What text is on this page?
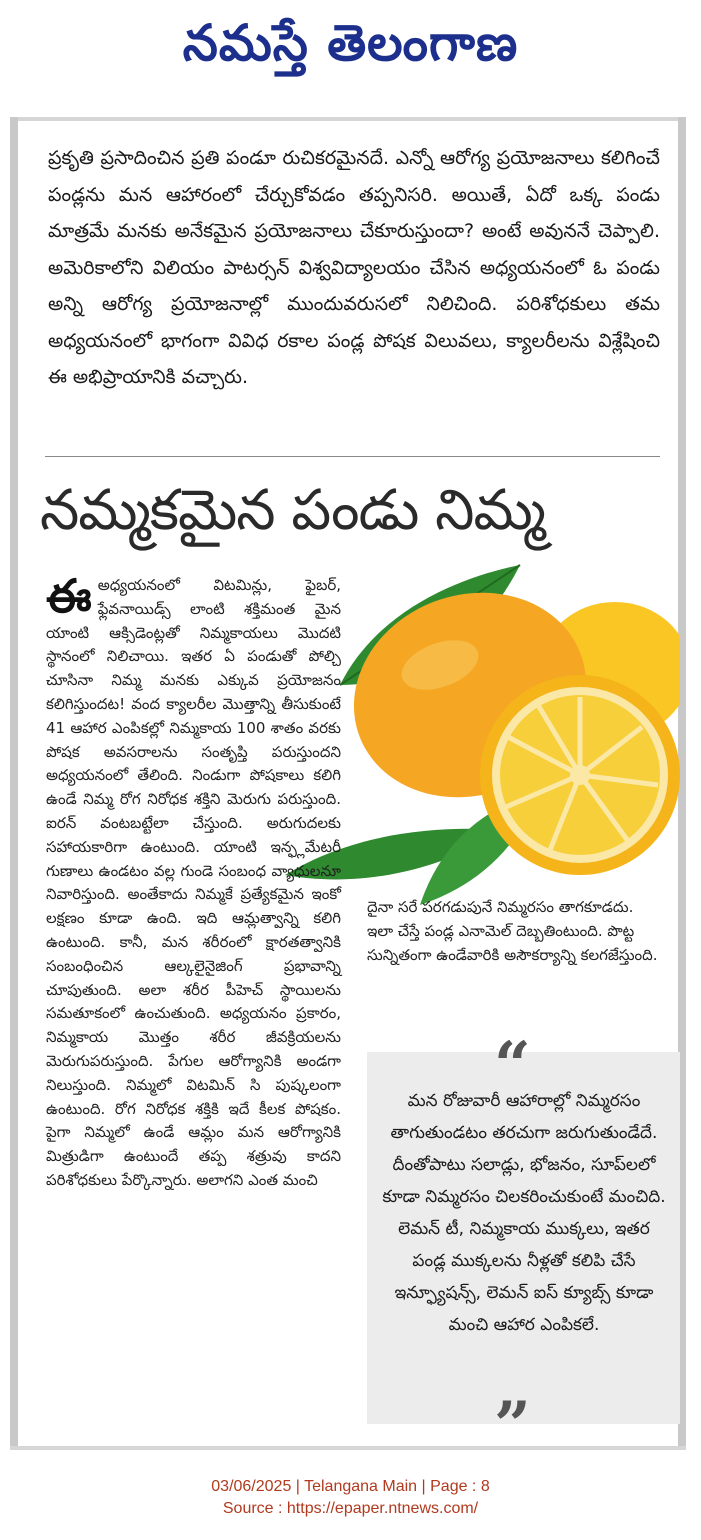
నమస్తే తెలంగాణ
ప్రకృతి ప్రసాదించిన ప్రతి పండూ రుచికరమైనదే. ఎన్నో ఆరోగ్య ప్రయోజనాలు కలిగించే పండ్లను మన ఆహారంలో చేర్చుకోవడం తప్పనిసరి. అయితే, ఏదో ఒక్క పండు మాత్రమే మనకు అనేకమైన ప్రయోజనాలు చేకూరుస్తుందా? అంటే అవుననే చెప్పాలి. అమెరికాలోని విలియం పాటర్సన్ విశ్వవిద్యాలయం చేసిన అధ్యయనంలో ఓ పండు అన్ని ఆరోగ్య ప్రయోజనాల్లో ముందువరుసలో నిలిచింది. పరిశోధకులు తమ అధ్యయనంలో భాగంగా వివిధ రకాల పండ్ల పోషక విలువలు, క్యాలరీలను విశ్లేషించి ఈ అభిప్రాయానికి వచ్చారు.
నమ్మకమైన పండు నిమ్మ
ఈ అధ్యయనంలో విటమిన్లు, ఫైబర్, ఫ్లేవనాయిడ్స్ లాంటి శక్తిమంత మైన యాంటి ఆక్సిడెంట్లతో నిమ్మకాయలు మొదటి స్థానంలో నిలిచాయి. ఇతర ఏ పండుతో పోల్చి చూసినా నిమ్మ మనకు ఎక్కువ ప్రయోజనం కలిగిస్తుందట! వంద క్యాలరీల మొత్తాన్ని తీసుకుంటే 41 ఆహార ఎంపికల్లో నిమ్మకాయ 100 శాతం వరకు పోషక అవసరాలను సంతృప్తి పరుస్తుందని అధ్యయనంలో తేలింది. నిండుగా పోషకాలు కలిగి ఉండే నిమ్మ రోగ నిరోధక శక్తిని మెరుగు పరుస్తుంది. ఐరన్ వంటబట్టేలా చేస్తుంది. అరుగుదలకు సహాయకారిగా ఉంటుంది. యాంటి ఇన్ఫ్లమేటరీ గుణాలు ఉండటం వల్ల గుండె సంబంధ వ్యాధులనూ నివారిస్తుంది. అంతేకాదు నిమ్మకే ప్రత్యేకమైన ఇంకో లక్షణం కూడా ఉంది. ఇది ఆమ్లత్వాన్ని కలిగి ఉంటుంది. కానీ, మన శరీరంలో క్షారతత్వానికి సంబంధించిన ఆల్కలైనైజింగ్ ప్రభావాన్ని చూపుతుంది. అలా శరీర పీహెచ్ స్థాయిలను సమతూకంలో ఉంచుతుంది. అధ్యయనం ప్రకారం, నిమ్మకాయ మొత్తం శరీర జీవక్రియలను మెరుగుపరుస్తుంది. పేగుల ఆరోగ్యానికి అండగా నిలుస్తుంది. నిమ్మలో విటమిన్ సి పుష్కలంగా ఉంటుంది. రోగ నిరోధక శక్తికి ఇదే కీలక పోషకం. పైగా నిమ్మలో ఉండే ఆమ్లం మన ఆరోగ్యానికి మిత్రుడిగా ఉంటుందే తప్ప శత్రువు కాదని పరిశోధకులు పేర్కొన్నారు. అలాగని ఎంత మంచి
దైనా సరే పరగడుపునే నిమ్మరసం తాగకూడదు. ఇలా చేస్తే పండ్ల ఎనామెల్ దెబ్బతింటుంది. పొట్ట సున్నితంగా ఉండేవారికి అసౌకర్యాన్ని కలగజేస్తుంది.
“
మన రోజువారీ ఆహారాల్లో నిమ్మరసం తాగుతుండటం తరచుగా జరుగుతుండేదే. దీంతోపాటు సలాడ్లు, భోజనం, సూప్‌లలో కూడా నిమ్మరసం చిలకరించుకుంటే మంచిది. లెమన్ టీ, నిమ్మకాయ ముక్కలు, ఇతర పండ్ల ముక్కలను నీళ్లతో కలిపి చేసే ఇన్ఫ్యూషన్స్, లెమన్ ఐస్ క్యూబ్స్ కూడా మంచి ఆహార ఎంపికలే.
”
03/06/2025 | Telangana Main | Page : 8
Source : https://epaper.ntnews.com/
